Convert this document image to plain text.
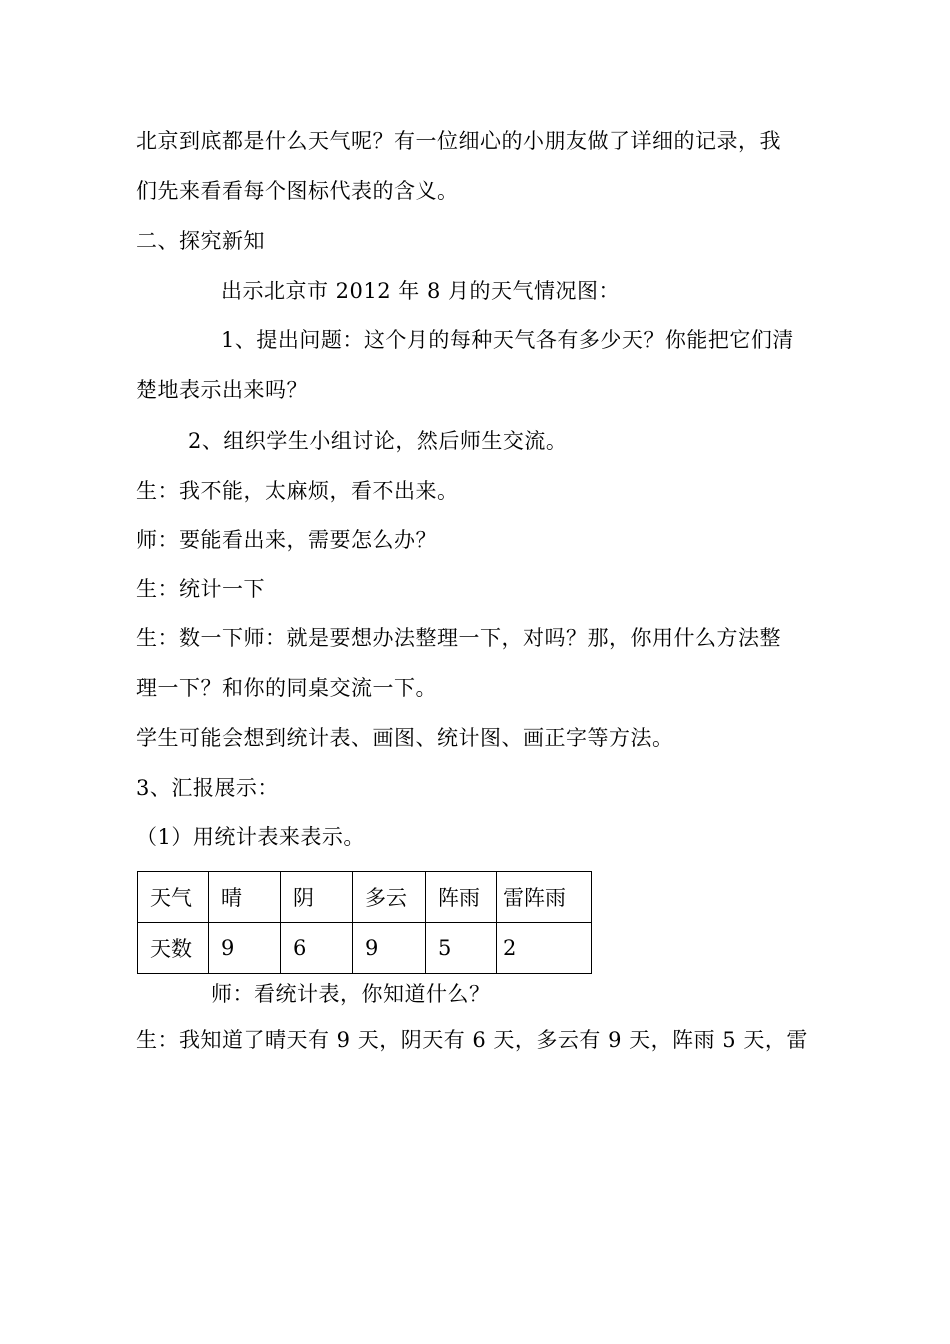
北京到底都是什么天气呢？有一位细心的小朋友做了详细的记录，我
们先来看看每个图标代表的含义。
二、探究新知
出示北京市 2012 年 8 月的天气情况图：
1、提出问题：这个月的每种天气各有多少天？你能把它们清
楚地表示出来吗？
2、组织学生小组讨论，然后师生交流。
生：我不能，太麻烦，看不出来。
师：要能看出来，需要怎么办？
生：统计一下
生：数一下师：就是要想办法整理一下，对吗？那，你用什么方法整
理一下？和你的同桌交流一下。
学生可能会想到统计表、画图、统计图、画正字等方法。
3、汇报展示：
（1）用统计表来表示。
天气	晴	阴	多云	阵雨	雷阵雨
天数	9	6	9	5	2
师：看统计表，你知道什么？
生：我知道了晴天有 9 天，阴天有 6 天，多云有 9 天，阵雨 5 天，雷
